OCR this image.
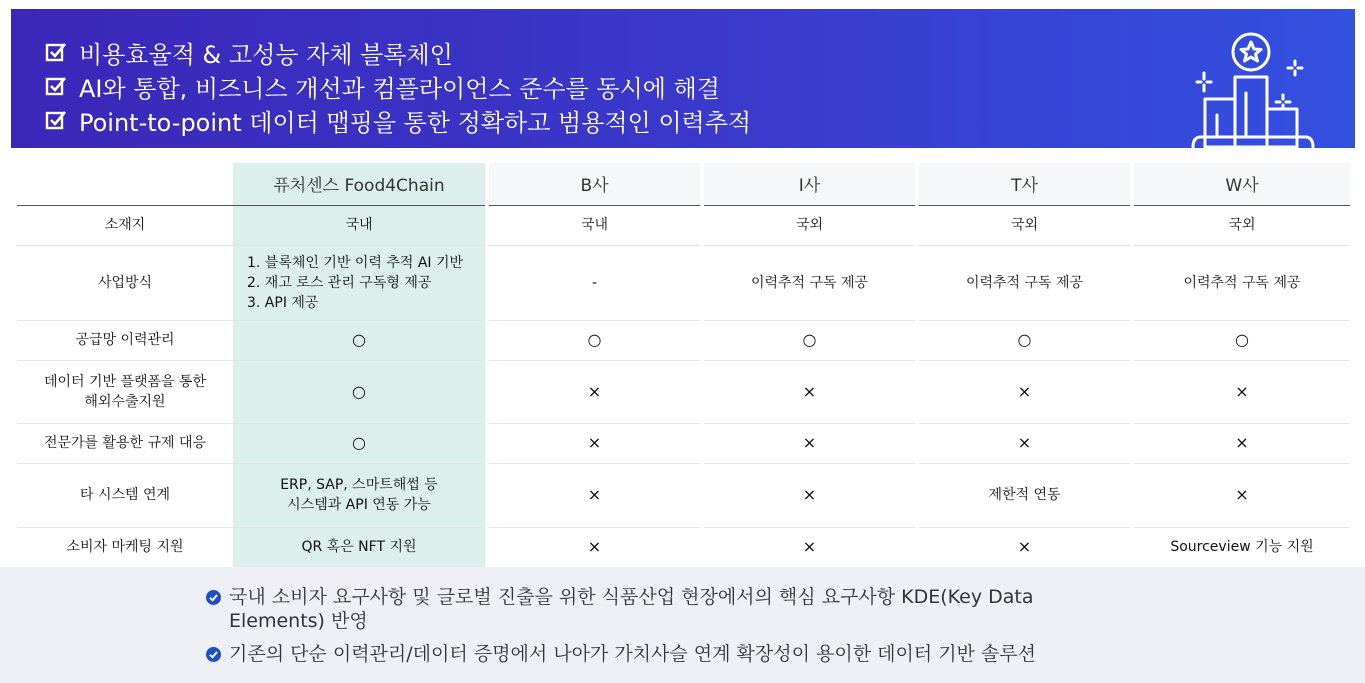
비용효율적 & 고성능 자체 블록체인
AI와 통합, 비즈니스 개선과 컴플라이언스 준수를 동시에 해결
Point-to-point 데이터 맵핑을 통한 정확하고 범용적인 이력추적
	퓨처센스 Food4Chain		B사		I사		T사		W사
소재지	국내		국내		국외		국외		국외
사업방식	1. 블록체인 기반 이력 추적 AI 기반
2. 재고 로스 관리 구독형 제공
3. API 제공		-		이력추적 구독 제공		이력추적 구독 제공		이력추적 구독 제공
공급망 이력관리	○		○		○		○		○
데이터 기반 플랫폼을 통한
해외수출지원	○		×		×		×		×
전문가를 활용한 규제 대응	○		×		×		×		×
타 시스템 연계	ERP, SAP, 스마트해썹 등
시스템과 API 연동 가능		×		×		제한적 연동		×
소비자 마케팅 지원	QR 혹은 NFT 지원		×		×		×		Sourceview 기능 지원
국내 소비자 요구사항 및 글로벌 진출을 위한 식품산업 현장에서의 핵심 요구사항 KDE(Key Data Elements) 반영
기존의 단순 이력관리/데이터 증명에서 나아가 가치사슬 연계 확장성이 용이한 데이터 기반 솔루션
